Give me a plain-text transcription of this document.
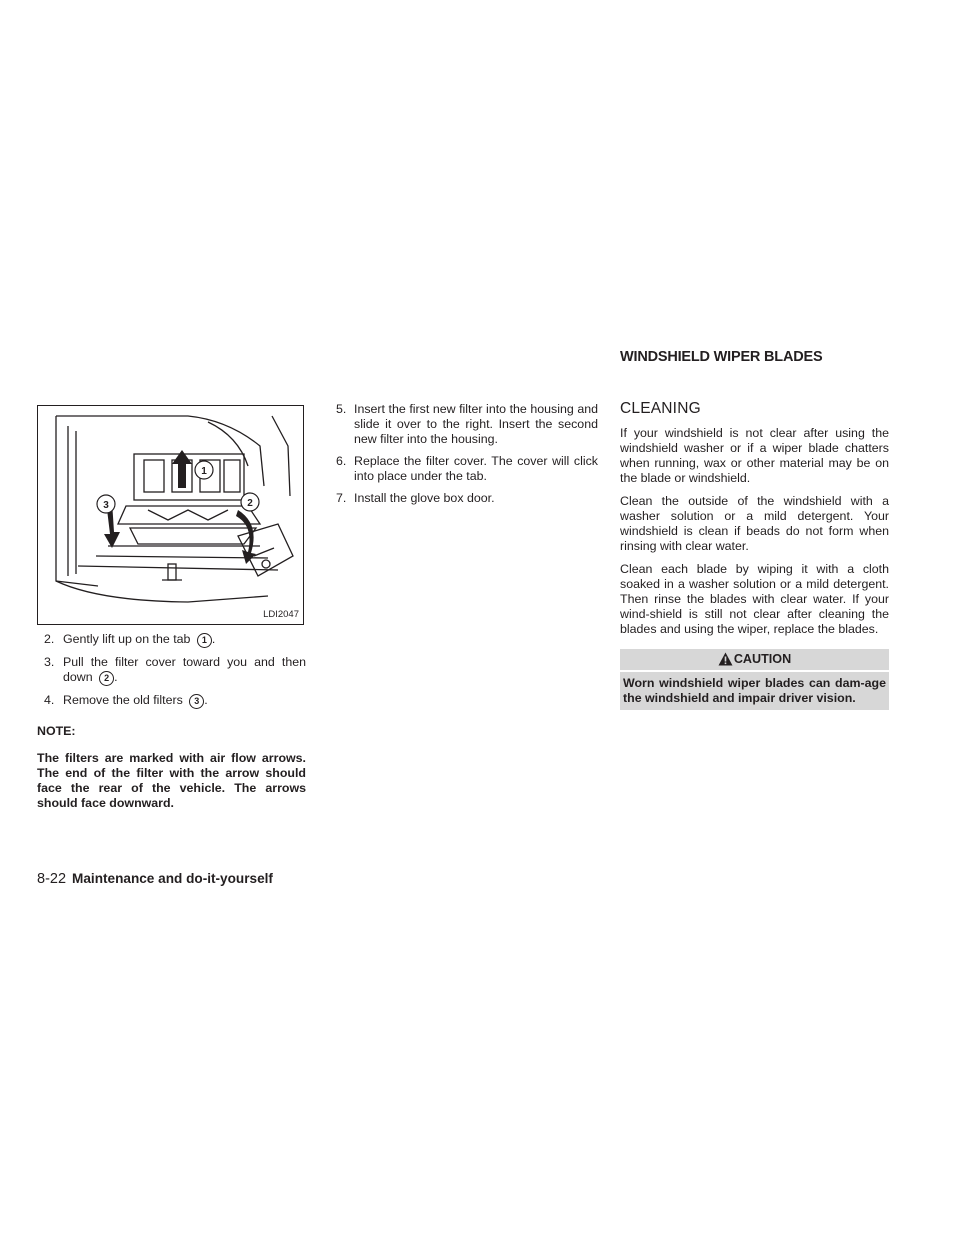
1
3	2
LDI2047
2. Gently lift up on the tab 1 .
3. Pull the filter cover toward you and then down 2 .
4. Remove the old filters 3 .
NOTE:
The filters are marked with air flow arrows. The end of the filter with the arrow should face the rear of the vehicle. The arrows should face downward.
5. Insert the first new filter into the housing and slide it over to the right. Insert the second new filter into the housing.
6. Replace the filter cover. The cover will click into place under the tab.
7. Install the glove box door.
WINDSHIELD WIPER BLADES
CLEANING

If your windshield is not clear after using the windshield washer or if a wiper blade chatters when running, wax or other material may be on the blade or windshield.

Clean the outside of the windshield with a washer solution or a mild detergent. Your windshield is clean if beads do not form when rinsing with clear water.

Clean each blade by wiping it with a cloth soaked in a washer solution or a mild detergent. Then rinse the blades with clear water. If your wind-shield is still not clear after cleaning the blades and using the wiper, replace the blades.

CAUTION
Worn windshield wiper blades can dam-age the windshield and impair driver vision.
8-22 Maintenance and do-it-yourself
